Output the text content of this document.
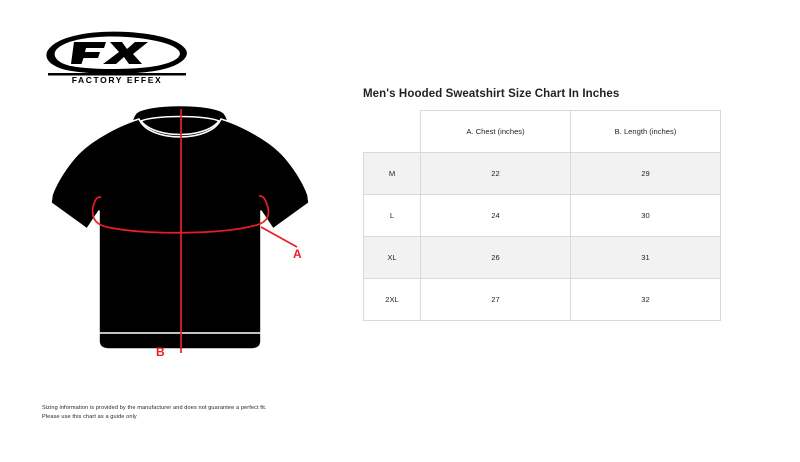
FACTORY EFFEX
A
B
Sizing information is provided by the manufacturer and does not guarantee a perfect fit.
Please use this chart as a guide only
Men's Hooded Sweatshirt Size Chart In Inches
	A. Chest (inches)	B. Length (inches)
M	22	29
L	24	30
XL	26	31
2XL	27	32
